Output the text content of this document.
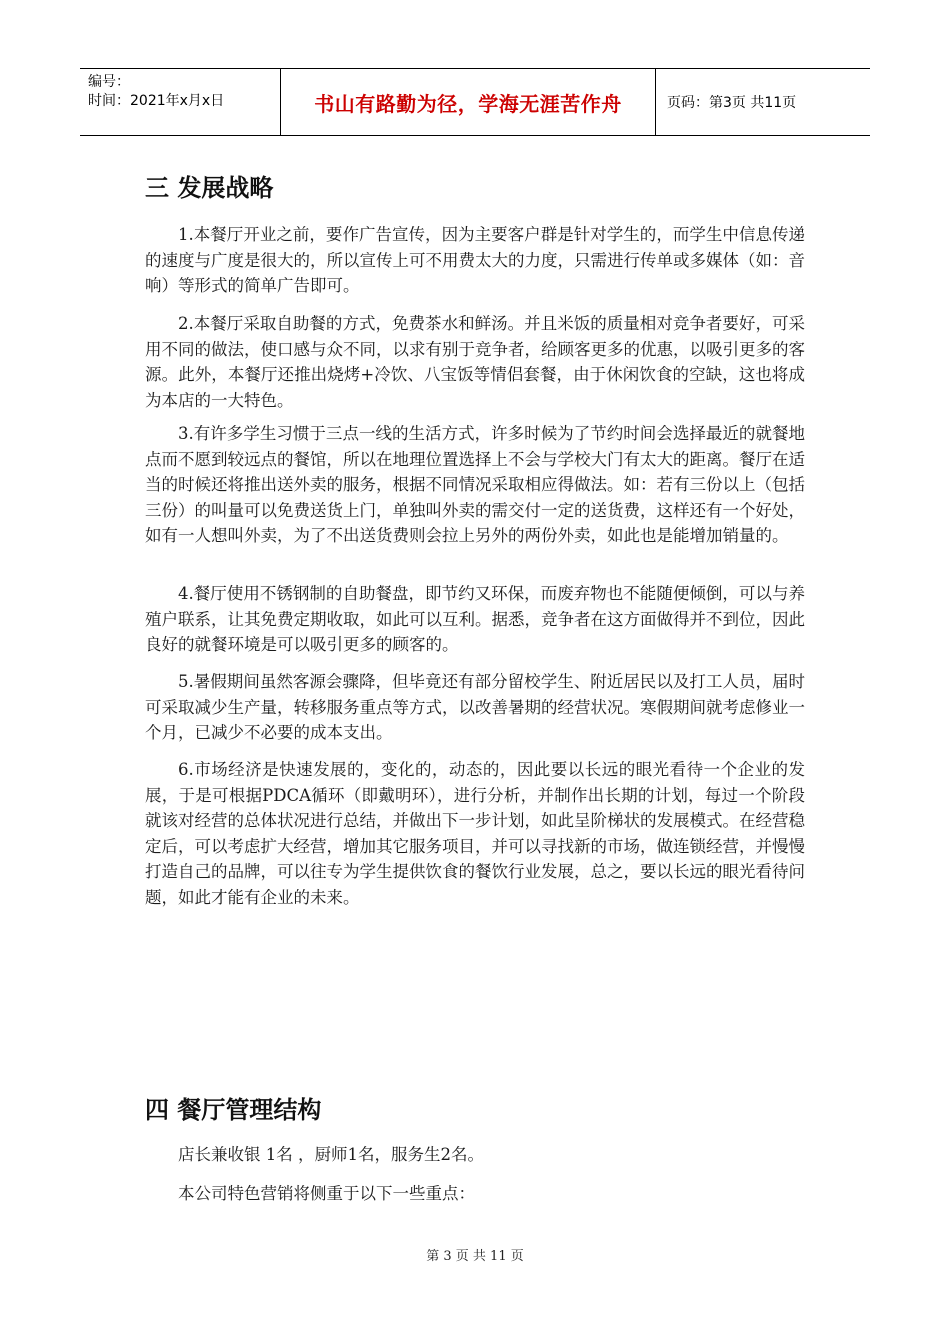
编号：
时间：2021年x月x日	书山有路勤为径，学海无涯苦作舟	页码：第3页 共11页
三 发展战略

1.本餐厅开业之前，要作广告宣传，因为主要客户群是针对学生的，而学生中信息传递的速度与广度是很大的，所以宣传上可不用费太大的力度，只需进行传单或多媒体（如：音响）等形式的简单广告即可。

2.本餐厅采取自助餐的方式，免费茶水和鲜汤。并且米饭的质量相对竞争者要好，可采用不同的做法，使口感与众不同，以求有别于竞争者，给顾客更多的优惠，以吸引更多的客源。此外，本餐厅还推出烧烤+冷饮、八宝饭等情侣套餐，由于休闲饮食的空缺，这也将成为本店的一大特色。

3.有许多学生习惯于三点一线的生活方式，许多时候为了节约时间会选择最近的就餐地点而不愿到较远点的餐馆，所以在地理位置选择上不会与学校大门有太大的距离。餐厅在适当的时候还将推出送外卖的服务，根据不同情况采取相应得做法。如：若有三份以上（包括三份）的叫量可以免费送货上门，单独叫外卖的需交付一定的送货费，这样还有一个好处，如有一人想叫外卖，为了不出送货费则会拉上另外的两份外卖，如此也是能增加销量的。

4.餐厅使用不锈钢制的自助餐盘，即节约又环保，而废弃物也不能随便倾倒，可以与养殖户联系，让其免费定期收取，如此可以互利。据悉，竞争者在这方面做得并不到位，因此良好的就餐环境是可以吸引更多的顾客的。

5.暑假期间虽然客源会骤降，但毕竟还有部分留校学生、附近居民以及打工人员，届时可采取减少生产量，转移服务重点等方式，以改善暑期的经营状况。寒假期间就考虑修业一个月，已减少不必要的成本支出。

6.市场经济是快速发展的，变化的，动态的，因此要以长远的眼光看待一个企业的发展，于是可根据PDCA循环（即戴明环），进行分析，并制作出长期的计划，每过一个阶段就该对经营的总体状况进行总结，并做出下一步计划，如此呈阶梯状的发展模式。在经营稳定后，可以考虑扩大经营，增加其它服务项目，并可以寻找新的市场，做连锁经营，并慢慢打造自己的品牌，可以往专为学生提供饮食的餐饮行业发展，总之，要以长远的眼光看待问题，如此才能有企业的未来。

四 餐厅管理结构

店长兼收银 1名 ，厨师1名，服务生2名。

本公司特色营销将侧重于以下一些重点：

第 3 页 共 11 页
